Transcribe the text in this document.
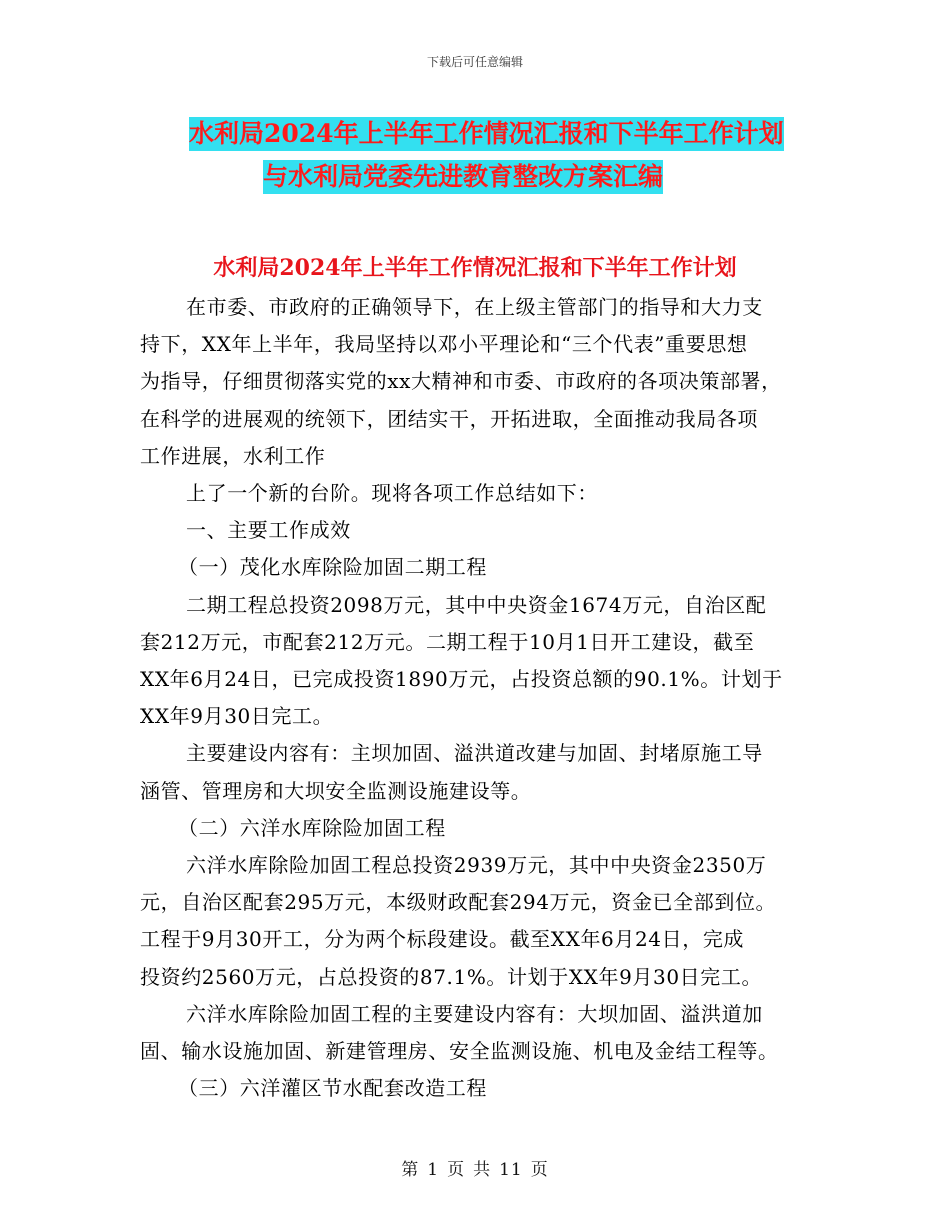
下载后可任意编辑
水利局2024年上半年工作情况汇报和下半年工作计划
与水利局党委先进教育整改方案汇编
水利局2024年上半年工作情况汇报和下半年工作计划

在市委、市政府的正确领导下，在上级主管部门的指导和大力支

持下，XX年上半年，我局坚持以邓小平理论和“三个代表”重要思想

为指导，仔细贯彻落实党的xx大精神和市委、市政府的各项决策部署，

在科学的进展观的统领下，团结实干，开拓进取，全面推动我局各项

工作进展，水利工作

上了一个新的台阶。现将各项工作总结如下：

一、主要工作成效

（一）茂化水库除险加固二期工程

二期工程总投资2098万元，其中中央资金1674万元，自治区配

套212万元，市配套212万元。二期工程于10月1日开工建设，截至

XX年6月24日，已完成投资1890万元，占投资总额的90.1%。计划于

XX年9月30日完工。

主要建设内容有：主坝加固、溢洪道改建与加固、封堵原施工导

涵管、管理房和大坝安全监测设施建设等。

（二）六洋水库除险加固工程

六洋水库除险加固工程总投资2939万元，其中中央资金2350万

元，自治区配套295万元，本级财政配套294万元，资金已全部到位。

工程于9月30开工，分为两个标段建设。截至XX年6月24日，完成

投资约2560万元，占总投资的87.1%。计划于XX年9月30日完工。

六洋水库除险加固工程的主要建设内容有：大坝加固、溢洪道加

固、输水设施加固、新建管理房、安全监测设施、机电及金结工程等。

（三）六洋灌区节水配套改造工程

第 1 页 共 11 页
